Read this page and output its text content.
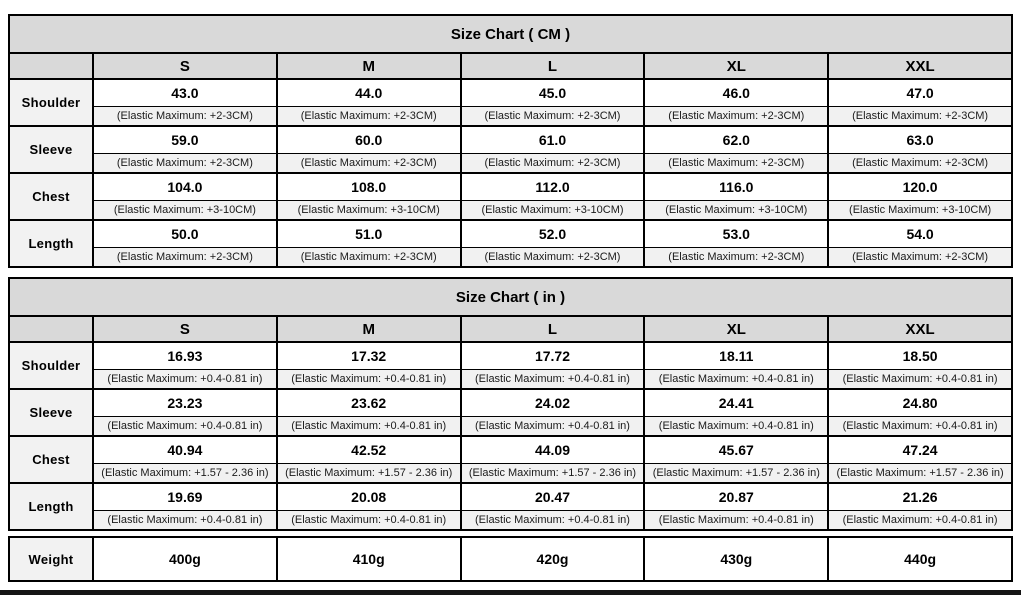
Size Chart ( CM )					
	S	M	L	XL	XXL
Shoulder	43.0	44.0	45.0	46.0	47.0
	(Elastic Maximum: +2-3CM)	(Elastic Maximum: +2-3CM)	(Elastic Maximum: +2-3CM)	(Elastic Maximum: +2-3CM)	(Elastic Maximum: +2-3CM)
Sleeve	59.0	60.0	61.0	62.0	63.0
	(Elastic Maximum: +2-3CM)	(Elastic Maximum: +2-3CM)	(Elastic Maximum: +2-3CM)	(Elastic Maximum: +2-3CM)	(Elastic Maximum: +2-3CM)
Chest	104.0	108.0	112.0	116.0	120.0
	(Elastic Maximum: +3-10CM)	(Elastic Maximum: +3-10CM)	(Elastic Maximum: +3-10CM)	(Elastic Maximum: +3-10CM)	(Elastic Maximum: +3-10CM)
Length	50.0	51.0	52.0	53.0	54.0
	(Elastic Maximum: +2-3CM)	(Elastic Maximum: +2-3CM)	(Elastic Maximum: +2-3CM)	(Elastic Maximum: +2-3CM)	(Elastic Maximum: +2-3CM)
Size Chart ( in )					
	S	M	L	XL	XXL
Shoulder	16.93	17.32	17.72	18.11	18.50
	(Elastic Maximum: +0.4-0.81 in)	(Elastic Maximum: +0.4-0.81 in)	(Elastic Maximum: +0.4-0.81 in)	(Elastic Maximum: +0.4-0.81 in)	(Elastic Maximum: +0.4-0.81 in)
Sleeve	23.23	23.62	24.02	24.41	24.80
	(Elastic Maximum: +0.4-0.81 in)	(Elastic Maximum: +0.4-0.81 in)	(Elastic Maximum: +0.4-0.81 in)	(Elastic Maximum: +0.4-0.81 in)	(Elastic Maximum: +0.4-0.81 in)
Chest	40.94	42.52	44.09	45.67	47.24
	(Elastic Maximum: +1.57 - 2.36 in)	(Elastic Maximum: +1.57 - 2.36 in)	(Elastic Maximum: +1.57 - 2.36 in)	(Elastic Maximum: +1.57 - 2.36 in)	(Elastic Maximum: +1.57 - 2.36 in)
Length	19.69	20.08	20.47	20.87	21.26
	(Elastic Maximum: +0.4-0.81 in)	(Elastic Maximum: +0.4-0.81 in)	(Elastic Maximum: +0.4-0.81 in)	(Elastic Maximum: +0.4-0.81 in)	(Elastic Maximum: +0.4-0.81 in)
Weight	400g	410g	420g	430g	440g
